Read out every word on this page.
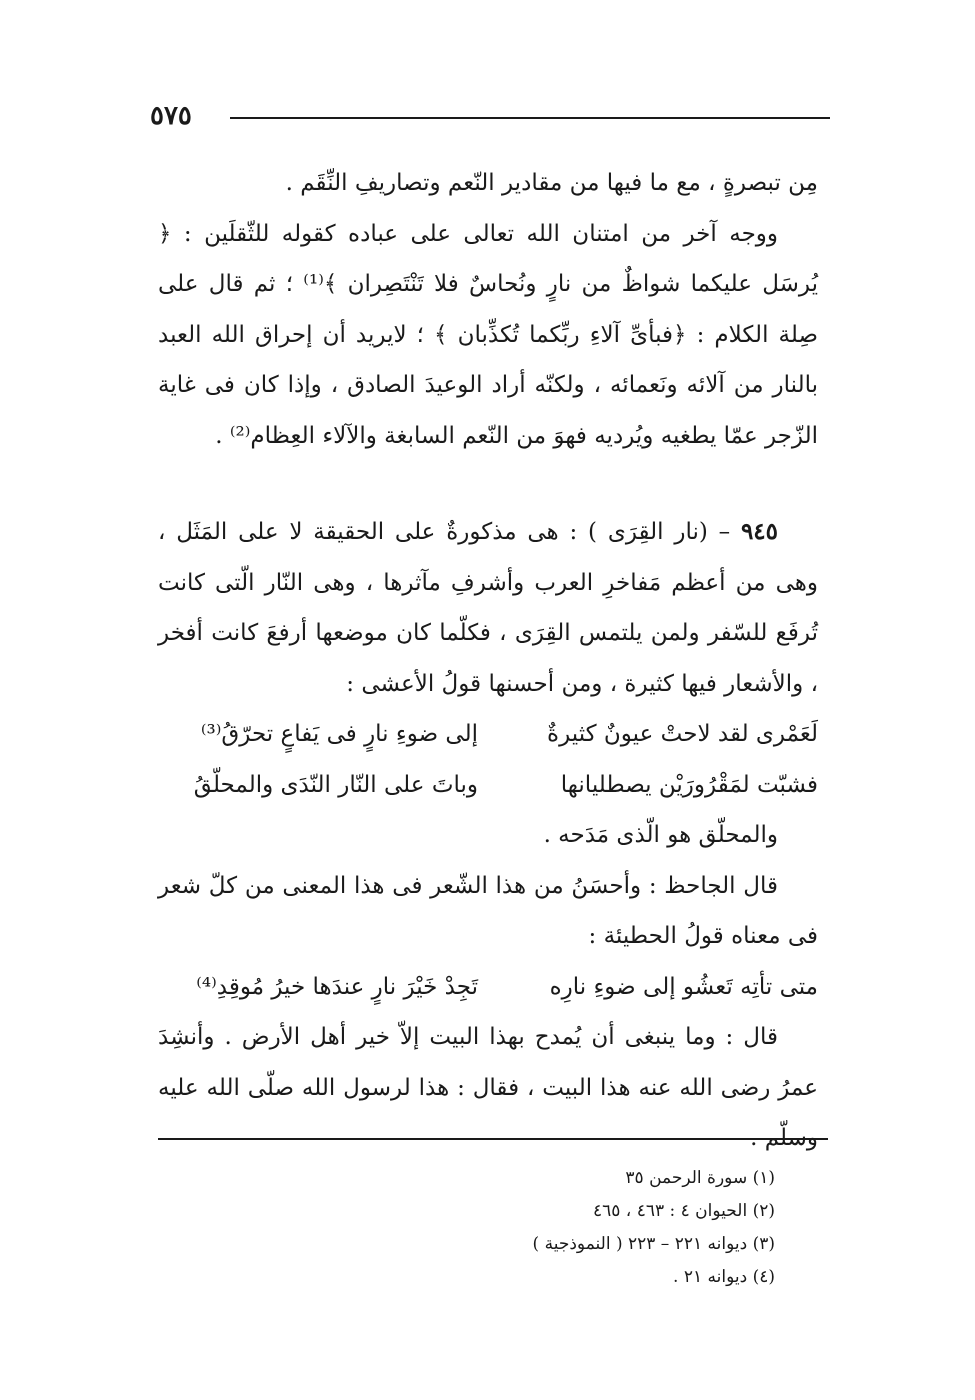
٥٧٥

مِن تبصرةٍ ، مع ما فيها من مقادير النّعم وتصاريفِ النِّقَم .

ووجه آخر من امتنان الله تعالى على عباده كقوله للثّقلَين : ﴿ يُرسَل عليكما شواظٌ من نارٍ ونُحاسٌ فلا تَنْتَصِران ﴾⁽¹⁾ ؛ ثم قال على صِلة الكلام : ﴿فبأىِّ آلاءِ ربِّكما تُكذِّبان ﴾ ؛ لايريد أن إحراق الله العبد بالنار من آلائه ونَعمائه ، ولكنّه أراد الوعيدَ الصادق ، وإذا كان فى غاية الزّجر عمّا يطغيه ويُرديه فهوَ من النّعم السابغة والآلاء العِظام⁽²⁾ .

٩٤٥ – (نار القِرَى ) : هى مذكورةٌ على الحقيقة لا على المَثَل ، وهى من أعظم مَفاخرِ العرب وأشرفِ مآثرها ، وهى النّار الّتى كانت تُرفَع للسّفر ولمن يلتمس القِرَى ، فكلّما كان موضعها أرفعَ كانت أفخر ، والأشعار فيها كثيرة ، ومن أحسنها قولُ الأعشى :

لَعَمْرى لقد لاحتْ عيونٌ كثيرةٌ
إلى ضوءِ نارٍ فى يَفاعٍ تحرّقُ⁽³⁾
فشبّت لمَقْرُورَيْن يصطليانها
وباتَ على النّار النّدَى والمحلّقُ

والمحلّق هو الّذى مَدَحه .

قال الجاحظ : وأحسَنُ من هذا الشّعر فى هذا المعنى من كلّ شعر فى معناه قولُ الحطيئة :

متى تأتِه تَعشُو إلى ضوءِ نارِه
تَجِدْ خَيْرَ نارٍ عندَها خيرُ مُوقِدِ⁽⁴⁾

قال : وما ينبغى أن يُمدح بهذا البيت إلاّ خير أهل الأرض . وأنشِدَ عمرُ رضى الله عنه هذا البيت ، فقال : هذا لرسول الله صلّى الله عليه وسلّم .

(١) سورة الرحمن ٣٥
(٢) الحيوان ٤ : ٤٦٣ ، ٤٦٥
(٣) ديوانه ٢٢١ – ٢٢٣ ( النموذجية )
(٤) ديوانه ٢١ .
